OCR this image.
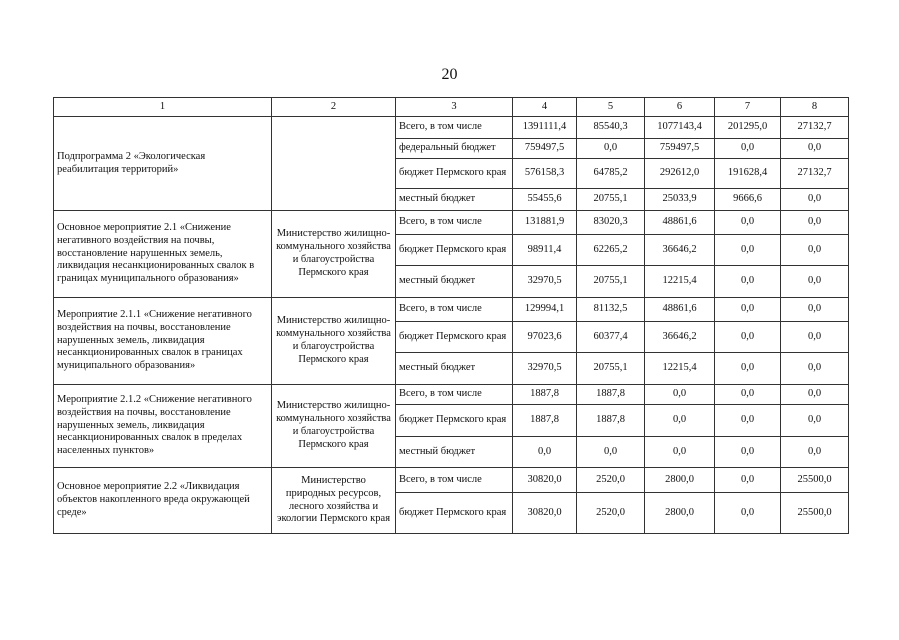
20
1	2	3	4	5	6	7	8
Подпрограмма 2 «Экологическая реабилитация территорий»		Всего, в том числе	1391111,4	85540,3	1077143,4	201295,0	27132,7
		федеральный бюджет	759497,5	0,0	759497,5	0,0	0,0
		бюджет Пермского края	576158,3	64785,2	292612,0	191628,4	27132,7
		местный бюджет	55455,6	20755,1	25033,9	9666,6	0,0
Основное мероприятие 2.1 «Снижение негативного воздействия на почвы, восстановление нарушенных земель, ликвидация несанкционированных свалок в границах муниципального образования»	Министерство жилищно-коммунального хозяйства и благоустройства Пермского края	Всего, в том числе	131881,9	83020,3	48861,6	0,0	0,0
		бюджет Пермского края	98911,4	62265,2	36646,2	0,0	0,0
		местный бюджет	32970,5	20755,1	12215,4	0,0	0,0
Мероприятие 2.1.1 «Снижение негативного воздействия на почвы, восстановление нарушенных земель, ликвидация несанкционированных свалок в границах муниципального образования»	Министерство жилищно-коммунального хозяйства и благоустройства Пермского края	Всего, в том числе	129994,1	81132,5	48861,6	0,0	0,0
		бюджет Пермского края	97023,6	60377,4	36646,2	0,0	0,0
		местный бюджет	32970,5	20755,1	12215,4	0,0	0,0
Мероприятие 2.1.2 «Снижение негативного воздействия на почвы, восстановление нарушенных земель, ликвидация несанкционированных свалок в пределах населенных пунктов»	Министерство жилищно-коммунального хозяйства и благоустройства Пермского края	Всего, в том числе	1887,8	1887,8	0,0	0,0	0,0
		бюджет Пермского края	1887,8	1887,8	0,0	0,0	0,0
		местный бюджет	0,0	0,0	0,0	0,0	0,0
Основное мероприятие 2.2 «Ликвидация объектов накопленного вреда окружающей среде»	Министерство природных ресурсов, лесного хозяйства и экологии Пермского края	Всего, в том числе	30820,0	2520,0	2800,0	0,0	25500,0
		бюджет Пермского края	30820,0	2520,0	2800,0	0,0	25500,0
